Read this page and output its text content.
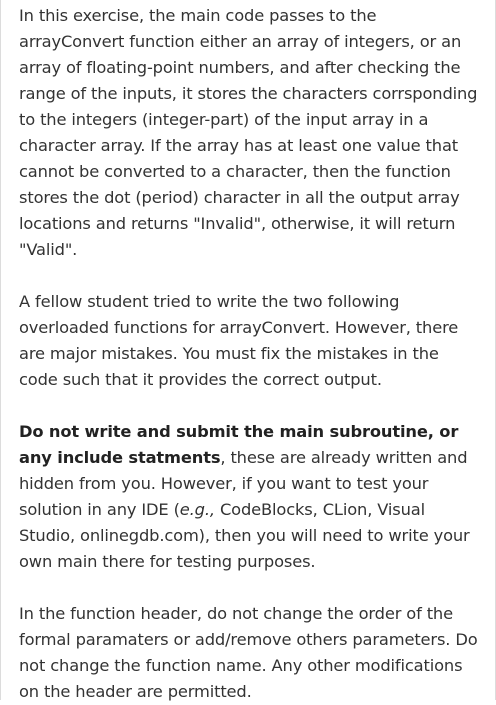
In this exercise, the main code passes to the arrayConvert function either an array of integers, or an array of floating-point numbers, and after checking the range of the inputs, it stores the characters corrsponding to the integers (integer-part) of the input array in a character array. If the array has at least one value that cannot be converted to a character, then the function stores the dot (period) character in all the output array locations and returns "Invalid", otherwise, it will return "Valid".

A fellow student tried to write the two following overloaded functions for arrayConvert. However, there are major mistakes. You must fix the mistakes in the code such that it provides the correct output.

Do not write and submit the main subroutine, or any include statments, these are already written and hidden from you. However, if you want to test your solution in any IDE (e.g., CodeBlocks, CLion, Visual Studio, onlinegdb.com), then you will need to write your own main there for testing purposes.

In the function header, do not change the order of the formal paramaters or add/remove others parameters. Do not change the function name. Any other modifications on the header are permitted.
